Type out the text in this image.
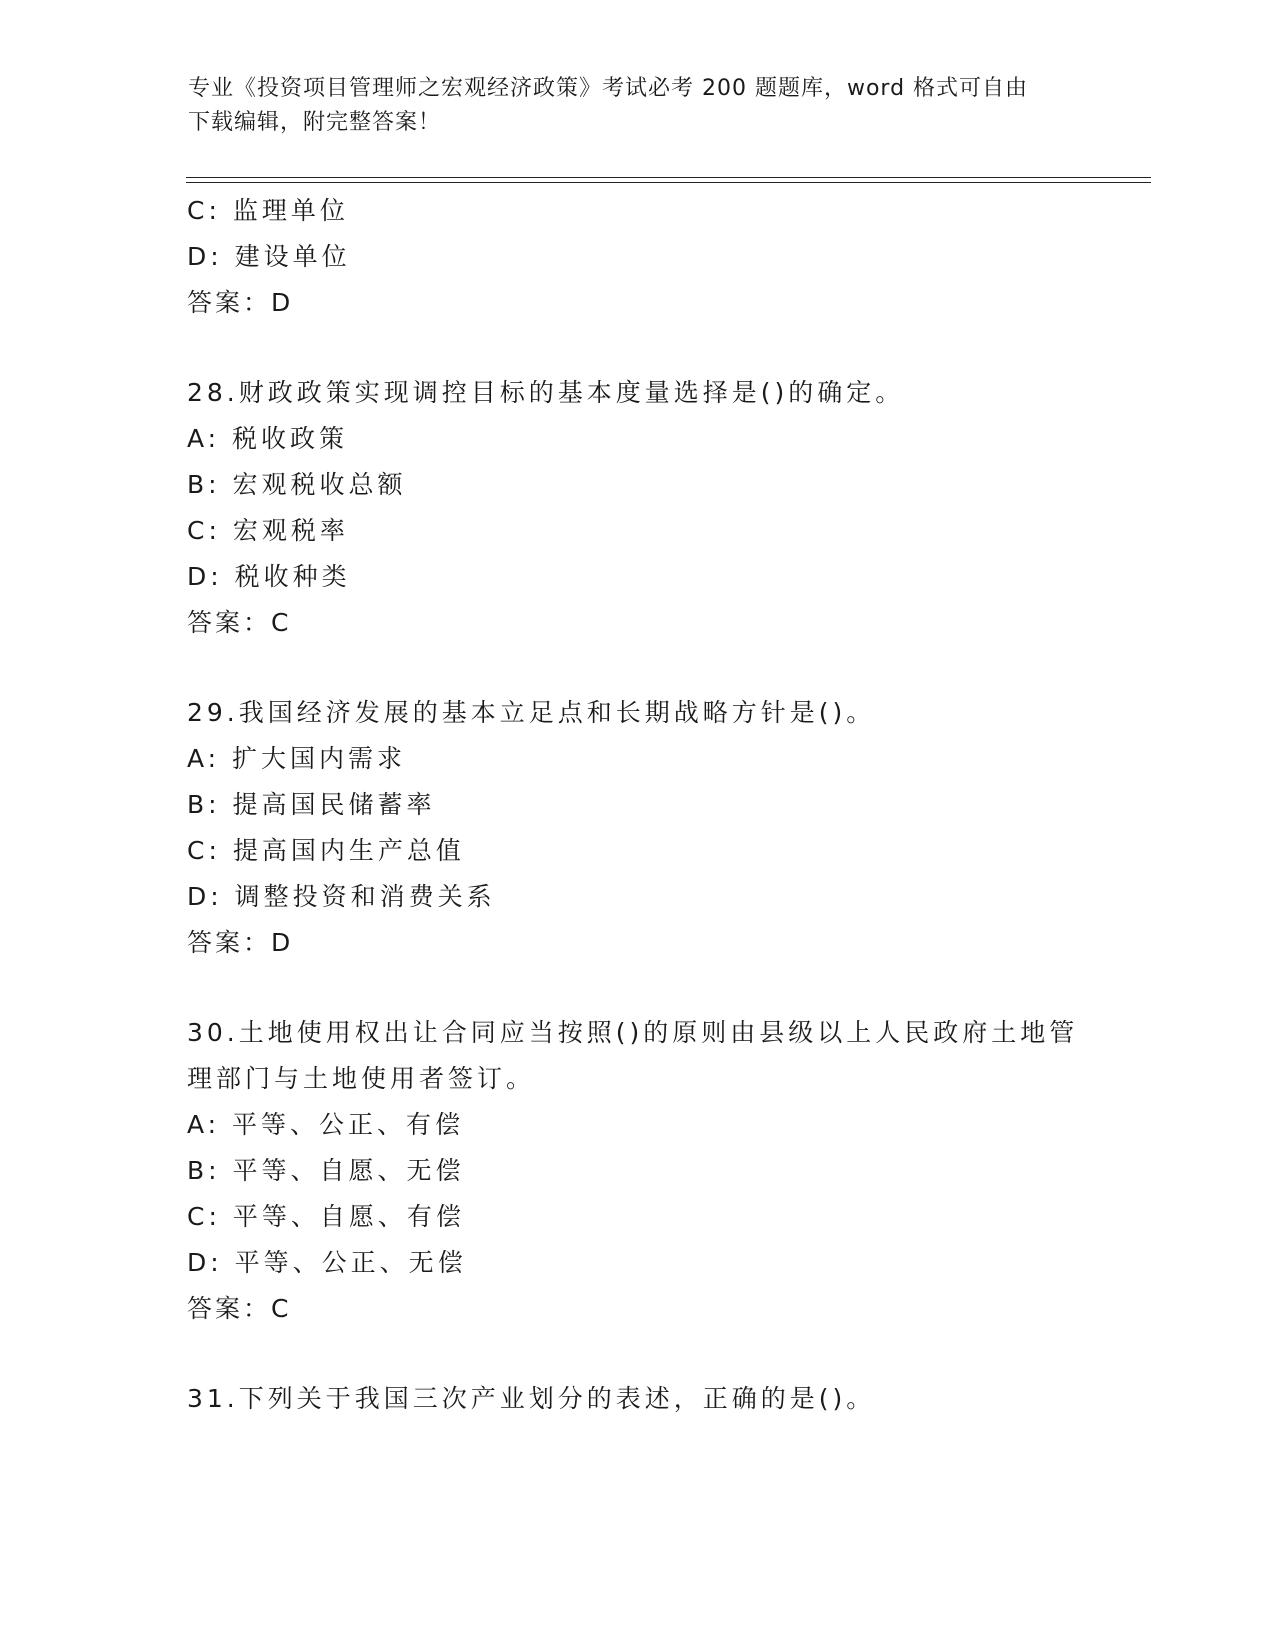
专业《投资项目管理师之宏观经济政策》考试必考 200 题题库，word 格式可自由
下载编辑，附完整答案！
C: 监理单位
D: 建设单位
答案：D
28.财政政策实现调控目标的基本度量选择是()的确定。
A: 税收政策
B: 宏观税收总额
C: 宏观税率
D: 税收种类
答案：C
29.我国经济发展的基本立足点和长期战略方针是()。
A: 扩大国内需求
B: 提高国民储蓄率
C: 提高国内生产总值
D: 调整投资和消费关系
答案：D
30.土地使用权出让合同应当按照()的原则由县级以上人民政府土地管
理部门与土地使用者签订。
A: 平等、公正、有偿
B: 平等、自愿、无偿
C: 平等、自愿、有偿
D: 平等、公正、无偿
答案：C
31.下列关于我国三次产业划分的表述，正确的是()。
